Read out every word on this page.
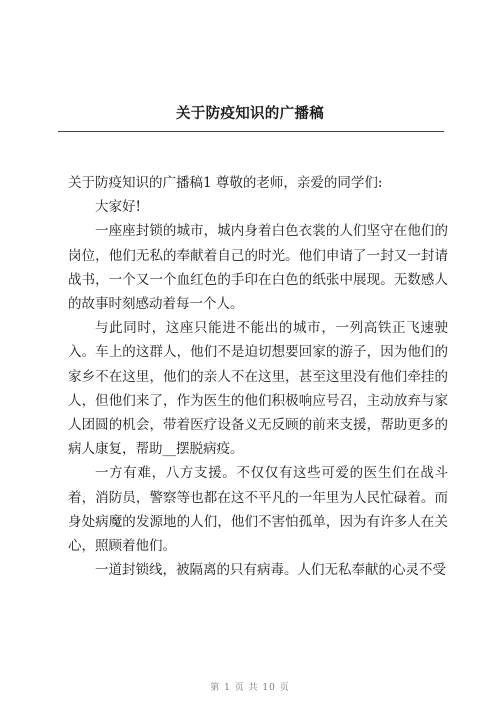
关于防疫知识的广播稿

关于防疫知识的广播稿1 尊敬的老师，亲爱的同学们:

大家好!

一座座封锁的城市，城内身着白色衣裳的人们坚守在他们的岗位，他们无私的奉献着自己的时光。他们申请了一封又一封请战书，一个又一个血红色的手印在白色的纸张中展现。无数感人的故事时刻感动着每一个人。

与此同时，这座只能进不能出的城市，一列高铁正飞速驶入。车上的这群人，他们不是迫切想要回家的游子，因为他们的家乡不在这里，他们的亲人不在这里，甚至这里没有他们牵挂的人，但他们来了，作为医生的他们积极响应号召，主动放弃与家人团圆的机会，带着医疗设备义无反顾的前来支援，帮助更多的病人康复，帮助__摆脱病疫。

一方有难，八方支援。不仅仅有这些可爱的医生们在战斗着，消防员，警察等也都在这不平凡的一年里为人民忙碌着。而身处病魔的发源地的人们，他们不害怕孤单，因为有许多人在关心，照顾着他们。

一道封锁线，被隔离的只有病毒。人们无私奉献的心灵不受

第 1 页 共 10 页
